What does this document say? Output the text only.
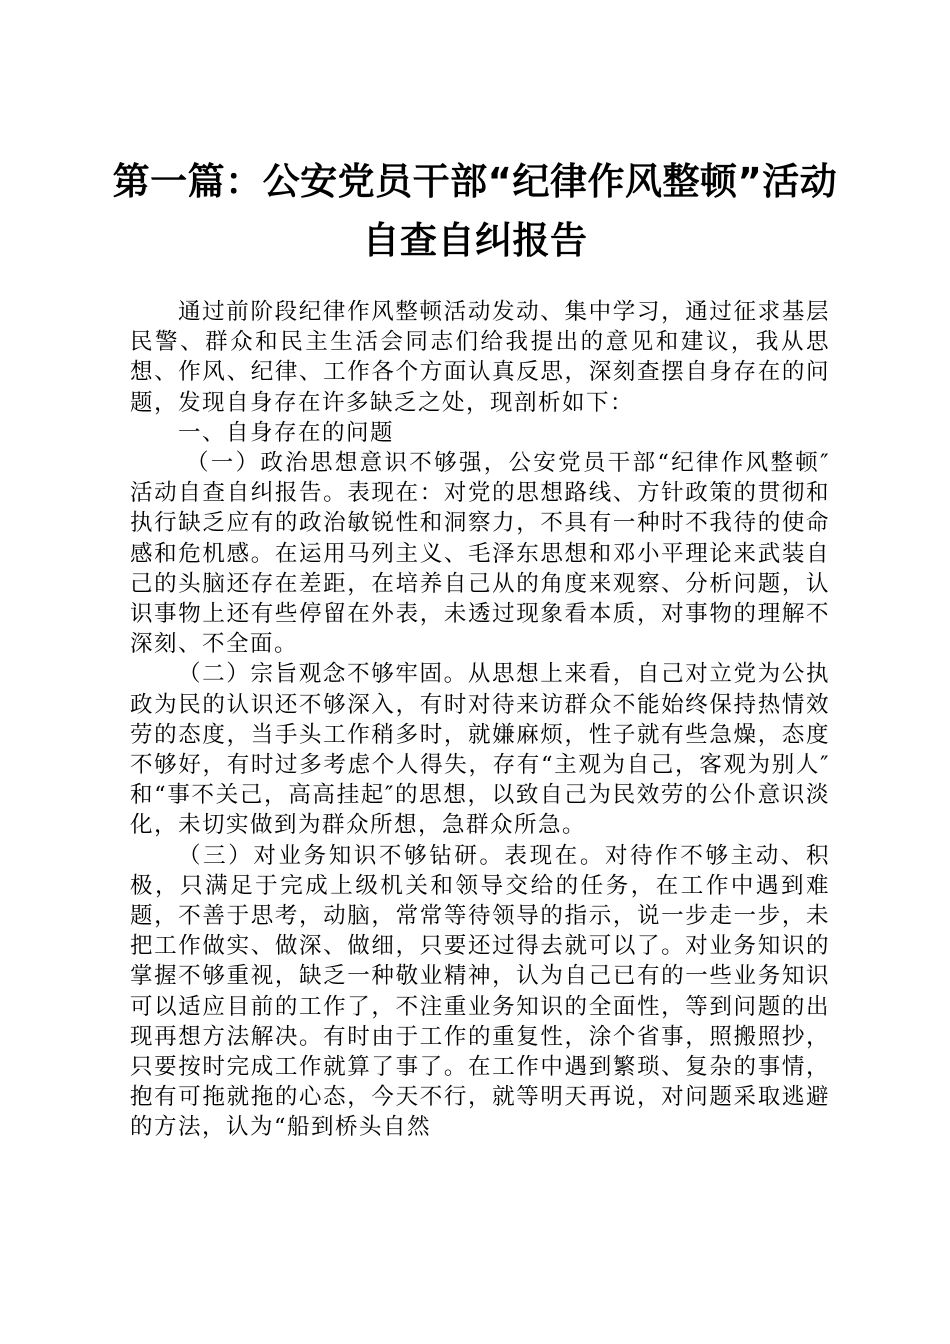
第一篇：公安党员干部“纪律作风整顿”活动
自查自纠报告

通过前阶段纪律作风整顿活动发动、集中学习，通过征求基层民警、群众和民主生活会同志们给我提出的意见和建议，我从思想、作风、纪律、工作各个方面认真反思，深刻查摆自身存在的问题，发现自身存在许多缺乏之处，现剖析如下：

一、自身存在的问题

（一）政治思想意识不够强，公安党员干部“纪律作风整顿″活动自查自纠报告。表现在：对党的思想路线、方针政策的贯彻和执行缺乏应有的政治敏锐性和洞察力，不具有一种时不我待的使命感和危机感。在运用马列主义、毛泽东思想和邓小平理论来武装自己的头脑还存在差距，在培养自己从的角度来观察、分析问题，认识事物上还有些停留在外表，未透过现象看本质，对事物的理解不深刻、不全面。

（二）宗旨观念不够牢固。从思想上来看，自己对立党为公执政为民的认识还不够深入，有时对待来访群众不能始终保持热情效劳的态度，当手头工作稍多时，就嫌麻烦，性子就有些急燥，态度不够好，有时过多考虑个人得失，存有“主观为自己，客观为别人″和“事不关己，高高挂起″的思想，以致自己为民效劳的公仆意识淡化，未切实做到为群众所想，急群众所急。

（三）对业务知识不够钻研。表现在。对待作不够主动、积极，只满足于完成上级机关和领导交给的任务，在工作中遇到难题，不善于思考，动脑，常常等待领导的指示，说一步走一步，未把工作做实、做深、做细，只要还过得去就可以了。对业务知识的掌握不够重视，缺乏一种敬业精神，认为自己已有的一些业务知识可以适应目前的工作了，不注重业务知识的全面性，等到问题的出现再想方法解决。有时由于工作的重复性，涂个省事，照搬照抄，只要按时完成工作就算了事了。在工作中遇到繁琐、复杂的事情，抱有可拖就拖的心态，今天不行，就等明天再说，对问题采取逃避的方法，认为“船到桥头自然
